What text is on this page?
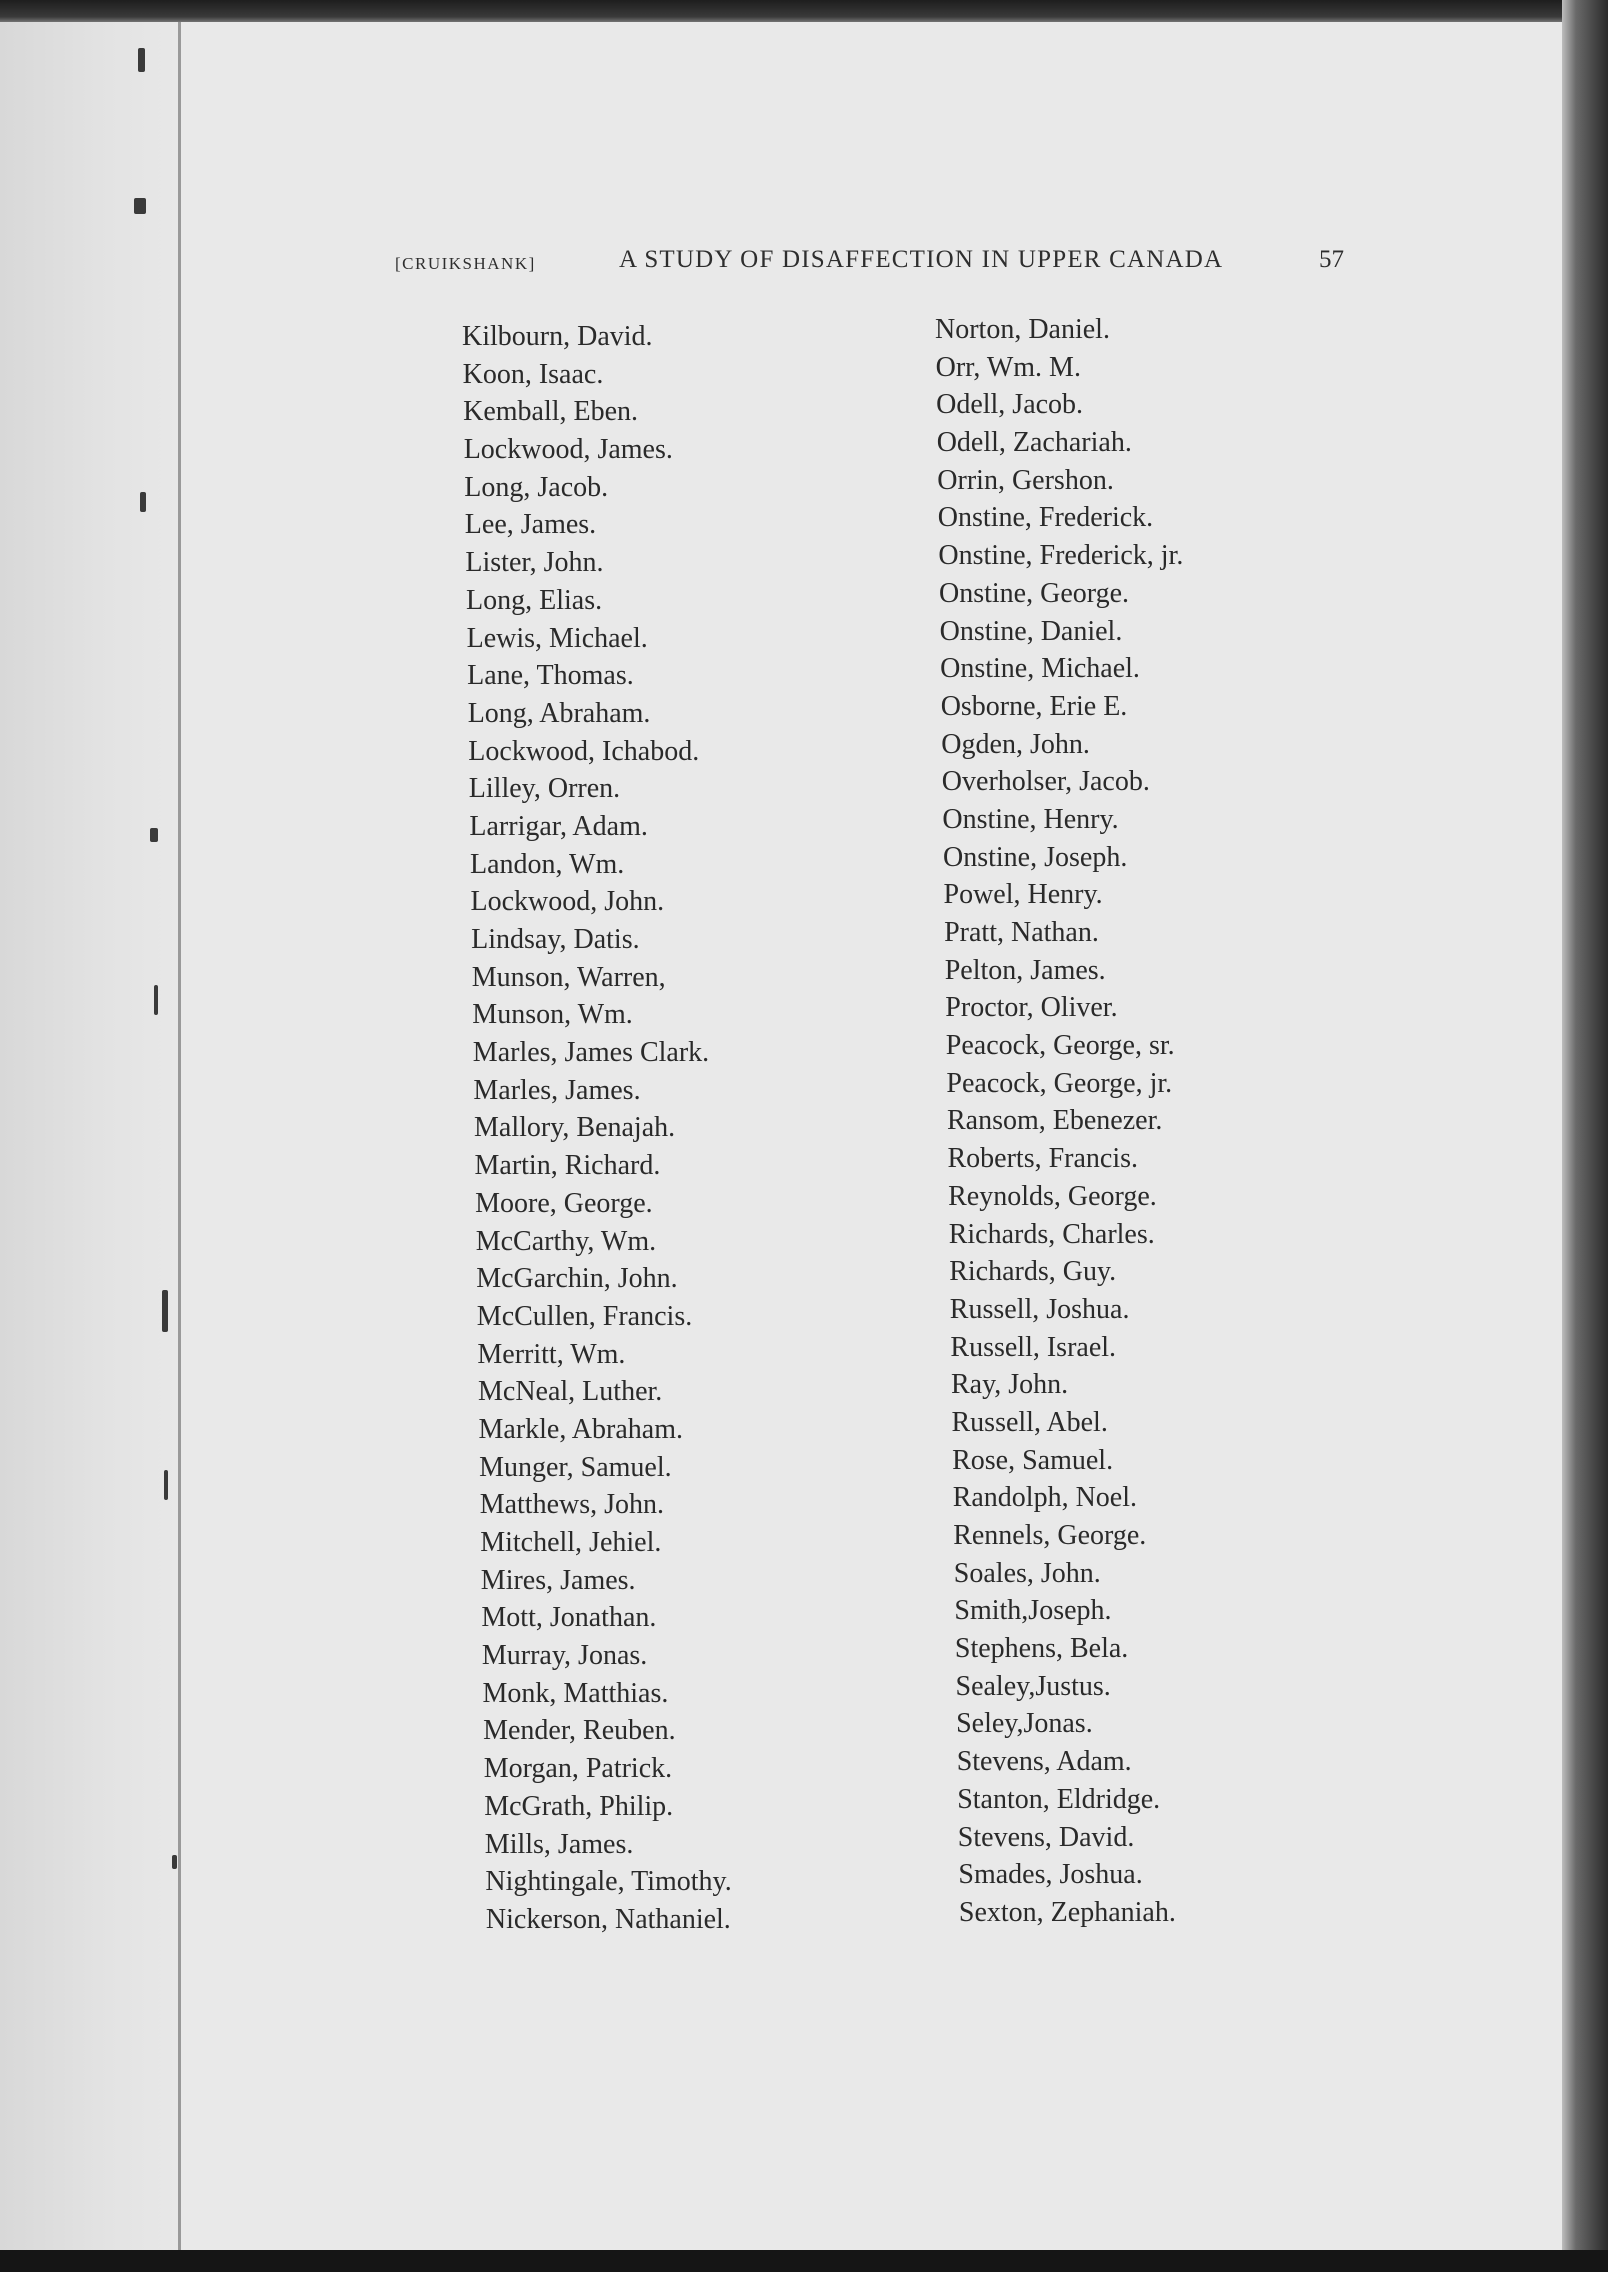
[CRUIKSHANK]	A STUDY OF DISAFFECTION IN UPPER CANADA	57
Kilbourn, David.
Koon, Isaac.
Kemball, Eben.
Lockwood, James.
Long, Jacob.
Lee, James.
Lister, John.
Long, Elias.
Lewis, Michael.
Lane, Thomas.
Long, Abraham.
Lockwood, Ichabod.
Lilley, Orren.
Larrigar, Adam.
Landon, Wm.
Lockwood, John.
Lindsay, Datis.
Munson, Warren,
Munson, Wm.
Marles, James Clark.
Marles, James.
Mallory, Benajah.
Martin, Richard.
Moore, George.
McCarthy, Wm.
McGarchin, John.
McCullen, Francis.
Merritt, Wm.
McNeal, Luther.
Markle, Abraham.
Munger, Samuel.
Matthews, John.
Mitchell, Jehiel.
Mires, James.
Mott, Jonathan.
Murray, Jonas.
Monk, Matthias.
Mender, Reuben.
Morgan, Patrick.
McGrath, Philip.
Mills, James.
Nightingale, Timothy.
Nickerson, Nathaniel.
Norton, Daniel.
Orr, Wm. M.
Odell, Jacob.
Odell, Zachariah.
Orrin, Gershon.
Onstine, Frederick.
Onstine, Frederick, jr.
Onstine, George.
Onstine, Daniel.
Onstine, Michael.
Osborne, Erie E.
Ogden, John.
Overholser, Jacob.
Onstine, Henry.
Onstine, Joseph.
Powel, Henry.
Pratt, Nathan.
Pelton, James.
Proctor, Oliver.
Peacock, George, sr.
Peacock, George, jr.
Ransom, Ebenezer.
Roberts, Francis.
Reynolds, George.
Richards, Charles.
Richards, Guy.
Russell, Joshua.
Russell, Israel.
Ray, John.
Russell, Abel.
Rose, Samuel.
Randolph, Noel.
Rennels, George.
Soales, John.
Smith,Joseph.
Stephens, Bela.
Sealey,Justus.
Seley,Jonas.
Stevens, Adam.
Stanton, Eldridge.
Stevens, David.
Smades, Joshua.
Sexton, Zephaniah.
